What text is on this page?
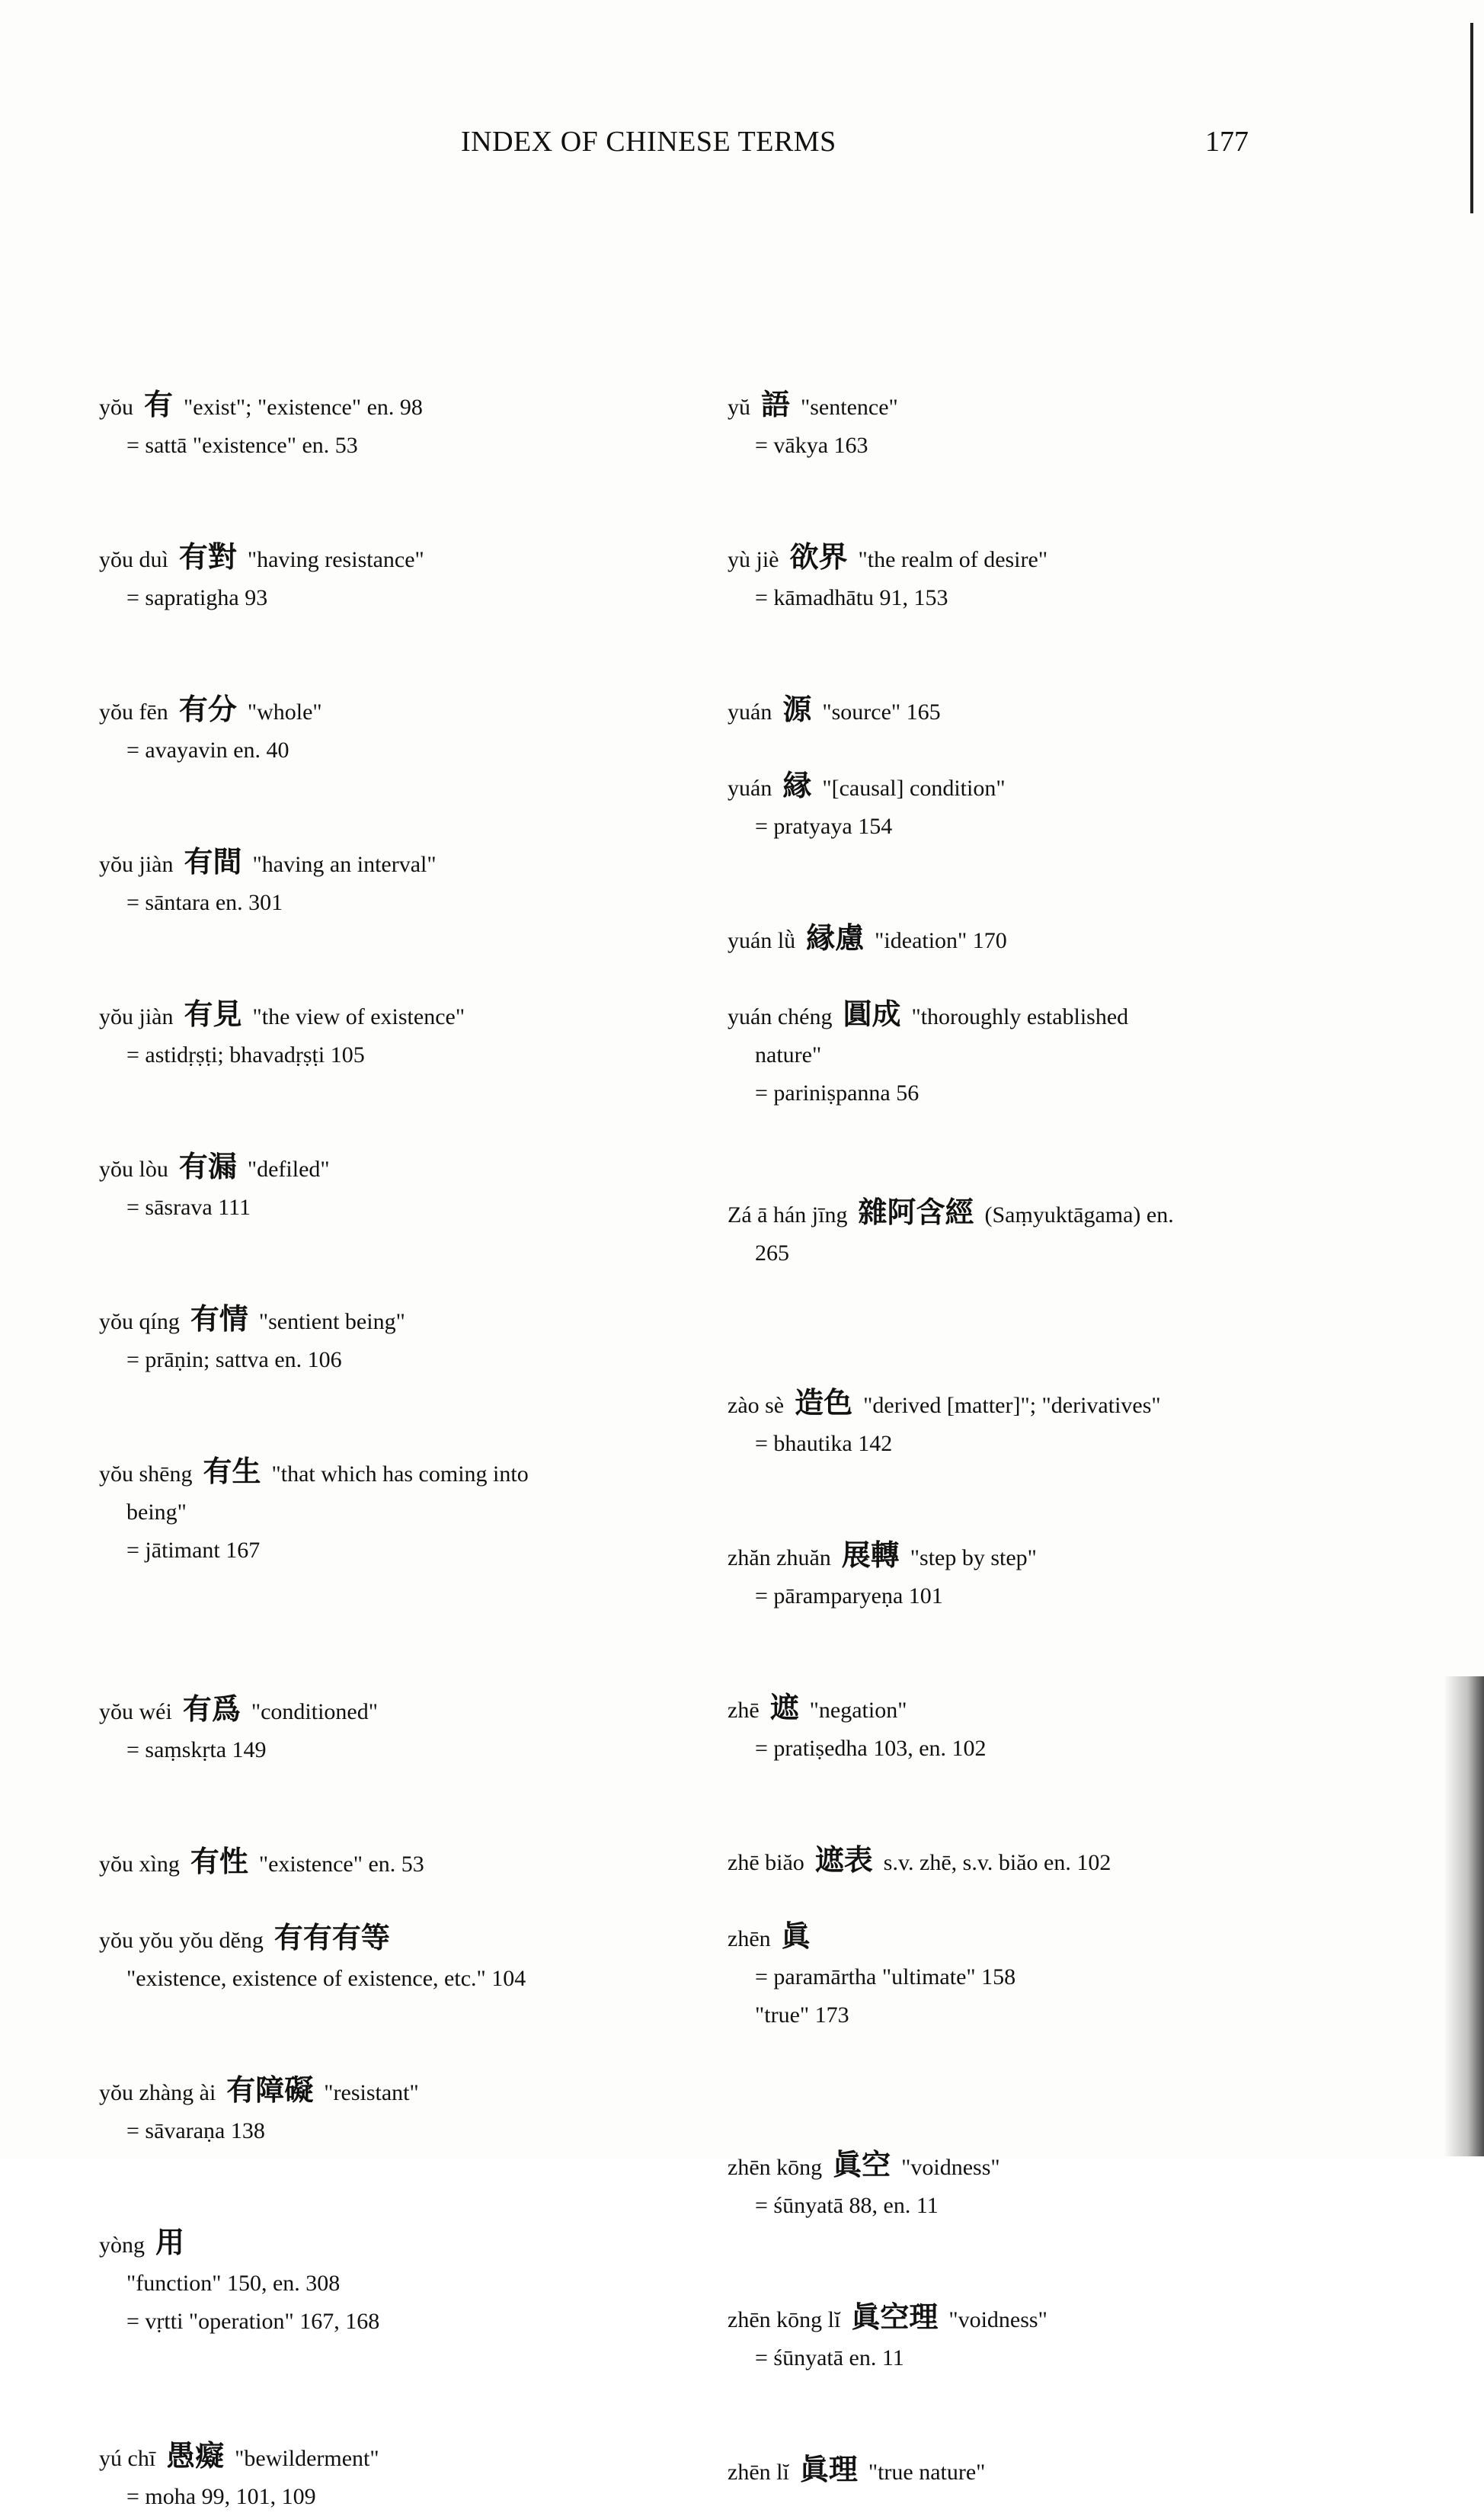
INDEX OF CHINESE TERMS	177
yŏu 有 "exist"; "existence" en. 98
= sattā "existence" en. 53
yŏu duì 有對 "having resistance"
= sapratigha 93
yŏu fēn 有分 "whole"
= avayavin en. 40
yŏu jiàn 有間 "having an interval"
= sāntara en. 301
yŏu jiàn 有見 "the view of existence"
= astidṛṣṭi; bhavadṛṣṭi 105
yŏu lòu 有漏 "defiled"
= sāsrava 111
yŏu qíng 有情 "sentient being"
= prāṇin; sattva en. 106
yŏu shēng 有生 "that which has coming into
being"
= jātimant 167
yŏu wéi 有爲 "conditioned"
= saṃskṛta 149
yŏu xìng 有性 "existence" en. 53
yŏu yŏu yŏu dĕng 有有有等
"existence, existence of existence, etc." 104
yŏu zhàng ài 有障礙 "resistant"
= sāvaraṇa 138
yòng 用
"function" 150, en. 308
= vṛtti "operation" 167, 168
yú chī 愚癡 "bewilderment"
= moha 99, 101, 109
yŭ 語 "sentence"
= vākya 163
yù jiè 欲界 "the realm of desire"
= kāmadhātu 91, 153
yuán 源 "source" 165
yuán 縁 "[causal] condition"
= pratyaya 154
yuán lǜ 縁慮 "ideation" 170
yuán chéng 圓成 "thoroughly established
nature"
= pariniṣpanna 56
Zá ā hán jīng 雜阿含經 (Saṃyuktāgama) en.
265
zào sè 造色 "derived [matter]"; "derivatives"
= bhautika 142
zhăn zhuăn 展轉 "step by step"
= pāramparyeṇa 101
zhē 遮 "negation"
= pratiṣedha 103, en. 102
zhē biăo 遮表 s.v. zhē, s.v. biăo en. 102
zhēn 眞
= paramārtha "ultimate" 158
"true" 173
zhēn kōng 眞空 "voidness"
= śūnyatā 88, en. 11
zhēn kōng lĭ 眞空理 "voidness"
= śūnyatā en. 11
zhēn lĭ 眞理 "true nature"
